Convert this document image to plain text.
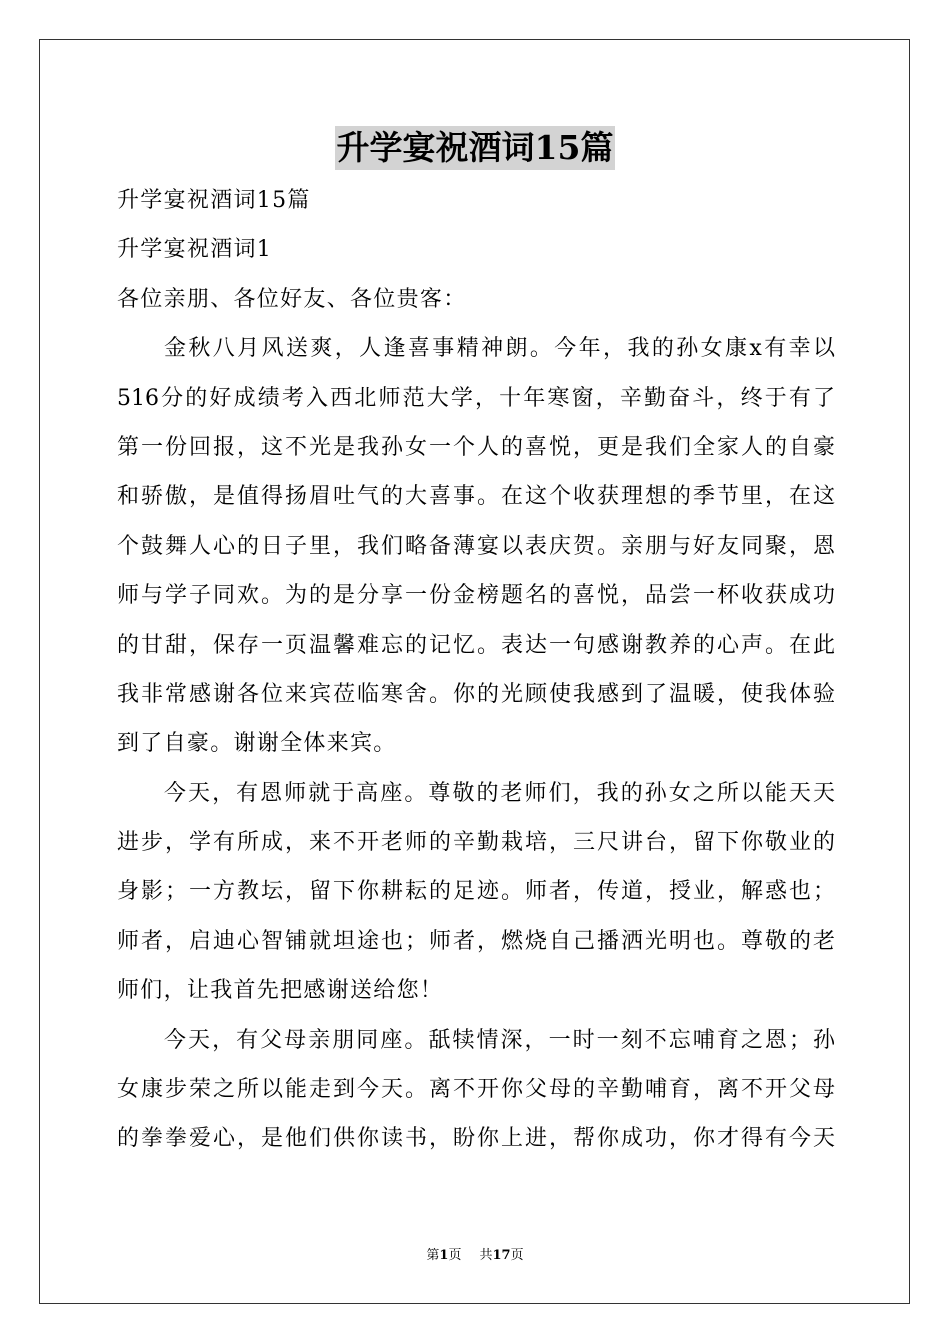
升学宴祝酒词15篇
升学宴祝酒词15篇
升学宴祝酒词1
各位亲朋、各位好友、各位贵客：
金秋八月风送爽，人逢喜事精神朗。今年，我的孙女康x有幸以
516分的好成绩考入西北师范大学，十年寒窗，辛勤奋斗，终于有了
第一份回报，这不光是我孙女一个人的喜悦，更是我们全家人的自豪
和骄傲，是值得扬眉吐气的大喜事。在这个收获理想的季节里，在这
个鼓舞人心的日子里，我们略备薄宴以表庆贺。亲朋与好友同聚，恩
师与学子同欢。为的是分享一份金榜题名的喜悦，品尝一杯收获成功
的甘甜，保存一页温馨难忘的记忆。表达一句感谢教养的心声。在此
我非常感谢各位来宾莅临寒舍。你的光顾使我感到了温暖，使我体验
到了自豪。谢谢全体来宾。
今天，有恩师就于高座。尊敬的老师们，我的孙女之所以能天天
进步，学有所成，来不开老师的辛勤栽培，三尺讲台，留下你敬业的
身影；一方教坛，留下你耕耘的足迹。师者，传道，授业，解惑也；
师者，启迪心智铺就坦途也；师者，燃烧自己播洒光明也。尊敬的老
师们，让我首先把感谢送给您！
今天，有父母亲朋同座。舐犊情深，一时一刻不忘哺育之恩；孙
女康步荣之所以能走到今天。离不开你父母的辛勤哺育，离不开父母
的拳拳爱心，是他们供你读书，盼你上进，帮你成功，你才得有今天
第1页 共17页
